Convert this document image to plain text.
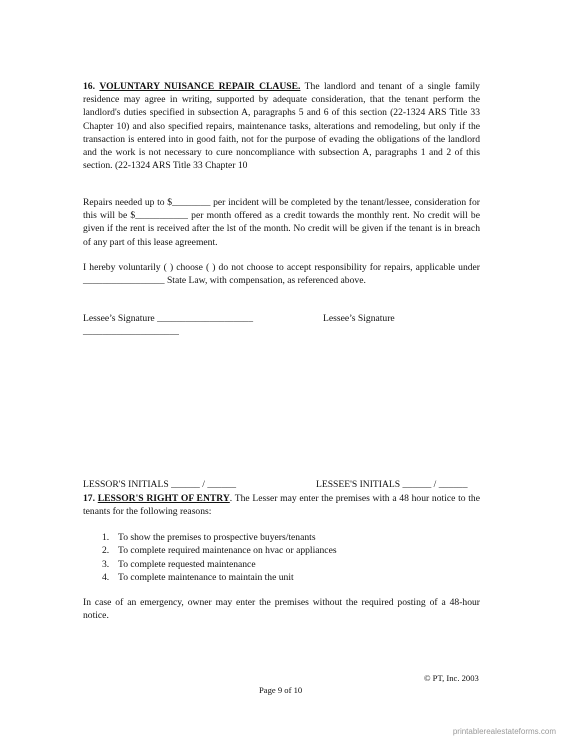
16. VOLUNTARY NUISANCE REPAIR CLAUSE. The landlord and tenant of a single family residence may agree in writing, supported by adequate consideration, that the tenant perform the landlord's duties specified in subsection A, paragraphs 5 and 6 of this section (22-1324 ARS Title 33 Chapter 10) and also specified repairs, maintenance tasks, alterations and remodeling, but only if the transaction is entered into in good faith, not for the purpose of evading the obligations of the landlord and the work is not necessary to cure noncompliance with subsection A, paragraphs 1 and 2 of this section. (22-1324 ARS Title 33 Chapter 10
Repairs needed up to $________ per incident will be completed by the tenant/lessee, consideration for this will be $___________ per month offered as a credit towards the monthly rent. No credit will be given if the rent is received after the lst of the month. No credit will be given if the tenant is in breach of any part of this lease agreement.
I hereby voluntarily ( ) choose ( ) do not choose to accept responsibility for repairs, applicable under _________________ State Law, with compensation, as referenced above.
Lessee’s Signature ____________________	Lessee’s Signature
____________________
LESSOR'S INITIALS ______ / ______	LESSEE'S INITIALS ______ / ______
17. LESSOR'S RIGHT OF ENTRY. The Lesser may enter the premises with a 48 hour notice to the tenants for the following reasons:
1. To show the premises to prospective buyers/tenants
2. To complete required maintenance on hvac or appliances
3. To complete requested maintenance
4. To complete maintenance to maintain the unit
In case of an emergency, owner may enter the premises without the required posting of a 48-hour notice.
© PT, Inc. 2003
Page 9 of 10
printablerealestateforms.com
